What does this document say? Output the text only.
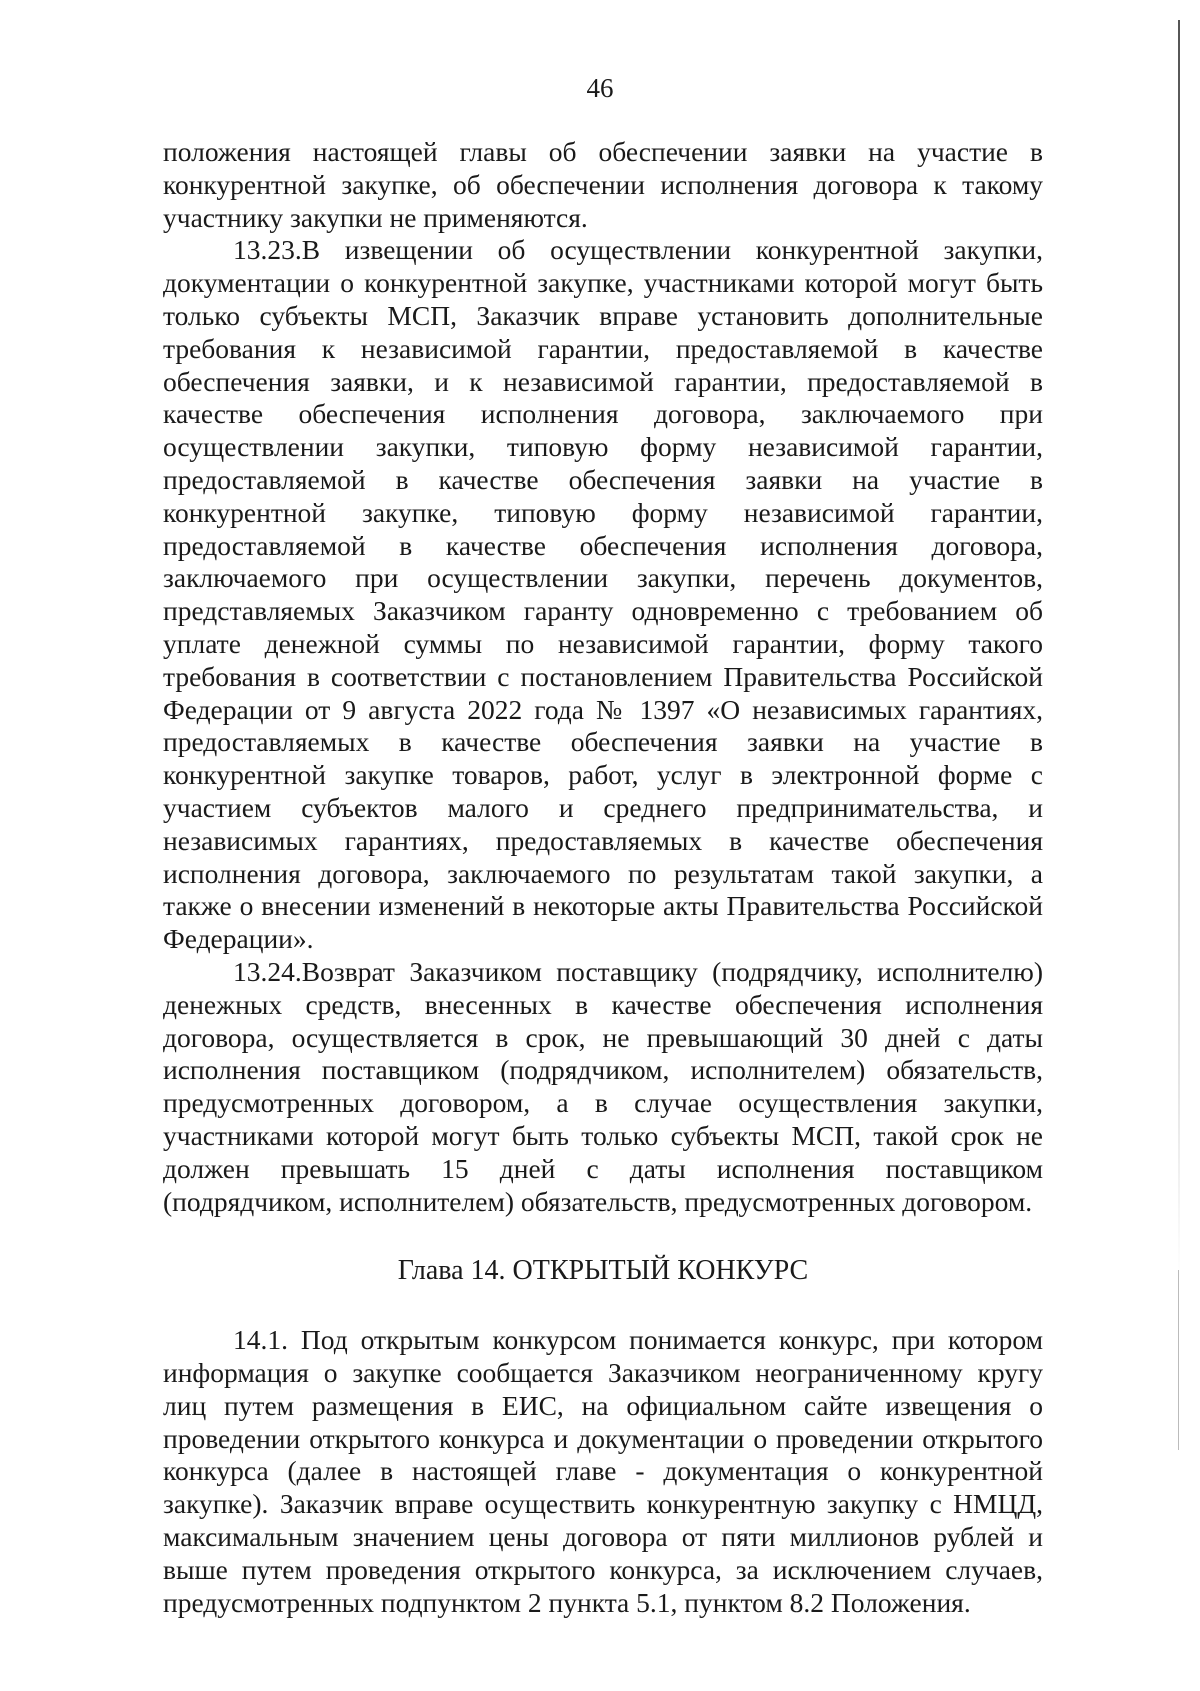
46

положения настоящей главы об обеспечении заявки на участие в конкурентной закупке, об обеспечении исполнения договора к такому участнику закупки не применяются.

13.23.В извещении об осуществлении конкурентной закупки, документации о конкурентной закупке, участниками которой могут быть только субъекты МСП, Заказчик вправе установить дополнительные требования к независимой гарантии, предоставляемой в качестве обеспечения заявки, и к независимой гарантии, предоставляемой в качестве обеспечения исполнения договора, заключаемого при осуществлении закупки, типовую форму независимой гарантии, предоставляемой в качестве обеспечения заявки на участие в конкурентной закупке, типовую форму независимой гарантии, предоставляемой в качестве обеспечения исполнения договора, заключаемого при осуществлении закупки, перечень документов, представляемых Заказчиком гаранту одновременно с требованием об уплате денежной суммы по независимой гарантии, форму такого требования в соответствии с постановлением Правительства Российской Федерации от 9 августа 2022 года № 1397 «О независимых гарантиях, предоставляемых в качестве обеспечения заявки на участие в конкурентной закупке товаров, работ, услуг в электронной форме с участием субъектов малого и среднего предпринимательства, и независимых гарантиях, предоставляемых в качестве обеспечения исполнения договора, заключаемого по результатам такой закупки, а также о внесении изменений в некоторые акты Правительства Российской Федерации».

13.24.Возврат Заказчиком поставщику (подрядчику, исполнителю) денежных средств, внесенных в качестве обеспечения исполнения договора, осуществляется в срок, не превышающий 30 дней с даты исполнения поставщиком (подрядчиком, исполнителем) обязательств, предусмотренных договором, а в случае осуществления закупки, участниками которой могут быть только субъекты МСП, такой срок не должен превышать 15 дней с даты исполнения поставщиком (подрядчиком, исполнителем) обязательств, предусмотренных договором.

Глава 14. ОТКРЫТЫЙ КОНКУРС

14.1. Под открытым конкурсом понимается конкурс, при котором информация о закупке сообщается Заказчиком неограниченному кругу лиц путем размещения в ЕИС, на официальном сайте извещения о проведении открытого конкурса и документации о проведении открытого конкурса (далее в настоящей главе - документация о конкурентной закупке). Заказчик вправе осуществить конкурентную закупку с НМЦД, максимальным значением цены договора от пяти миллионов рублей и выше путем проведения открытого конкурса, за исключением случаев, предусмотренных подпунктом 2 пункта 5.1, пунктом 8.2 Положения.
